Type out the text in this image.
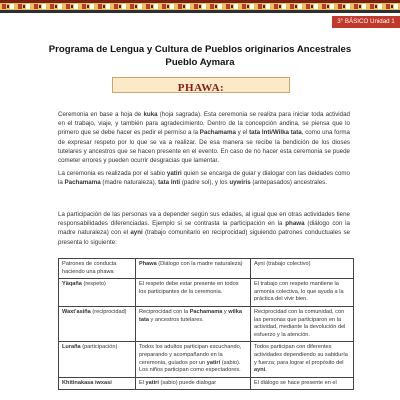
3° BÁSICO Unidad 1
Programa de Lengua y Cultura de Pueblos originarios Ancestrales
Pueblo Aymara
PHAWA:
Ceremonia en base a hoja de kuka (hoja sagrada). Esta ceremonia se realiza para iniciar toda actividad en el trabajo, viaje, y también para agradecimiento. Dentro de la concepción andina, se piensa que lo primero que se debe hacer es pedir el permiso a la Pachamama y el tata Inti/Wilka tata, como una forma de expresar respeto por lo que se va a realizar. De esa manera se recibe la bendición de los dioses tutelares y ancestros que se hacen presente en el evento. En caso de no hacer esta ceremonia se puede cometer errores y pueden ocurrir desgracias que lamentar.
La ceremonia es realizada por el sabio yatiri quien se encarga de guiar y dialogar con las deidades como la Pachamama (madre naturaleza), tata Inti (padre sol), y los uywiris (antepasados) ancestrales.
La participación de las personas va a depender según sus edades, al igual que en otras actividades tiene responsabilidades diferenciadas. Ejemplo si se contrasta la participación en la phawa (diálogo con la madre naturaleza) con el ayni (trabajo comunitario en reciprocidad) siguiendo patrones conductuales se presenta lo siguiente:
Patrones de conducta haciendo una phawa	Phawa (Diálogo con la madre naturaleza)	Ayni (trabajo colectivo)
Yäqaña (respeto)	El respeto debe estar presente en todos los participantes de la ceremonia.	El trabajo con respeto mantiene la armonía colectiva, lo que ayuda a la práctica del vivir bien.
Waxt'asiña (reciprocidad)	Reciprocidad con la Pachamama y wilka tata y ancestros tutelares.	Reciprocidad con la comunidad, con las personas que participaron en la actividad, mediante la devolución del esfuerzo y la atención.
Luraña (participación)	Todos los adultos participan escuchando, preparando y acompañando en la ceremonia, guiados por un yatiri (sabio). Los niños participan como espectadores.	Todos participan con diferentes actividades dependiendo su sabiduría y fuerza; para lograr el propósito del ayni.
Khitinakasa iwxasi	El yatiri (sabio) puede dialogar	El diálogo se hace presente en el
